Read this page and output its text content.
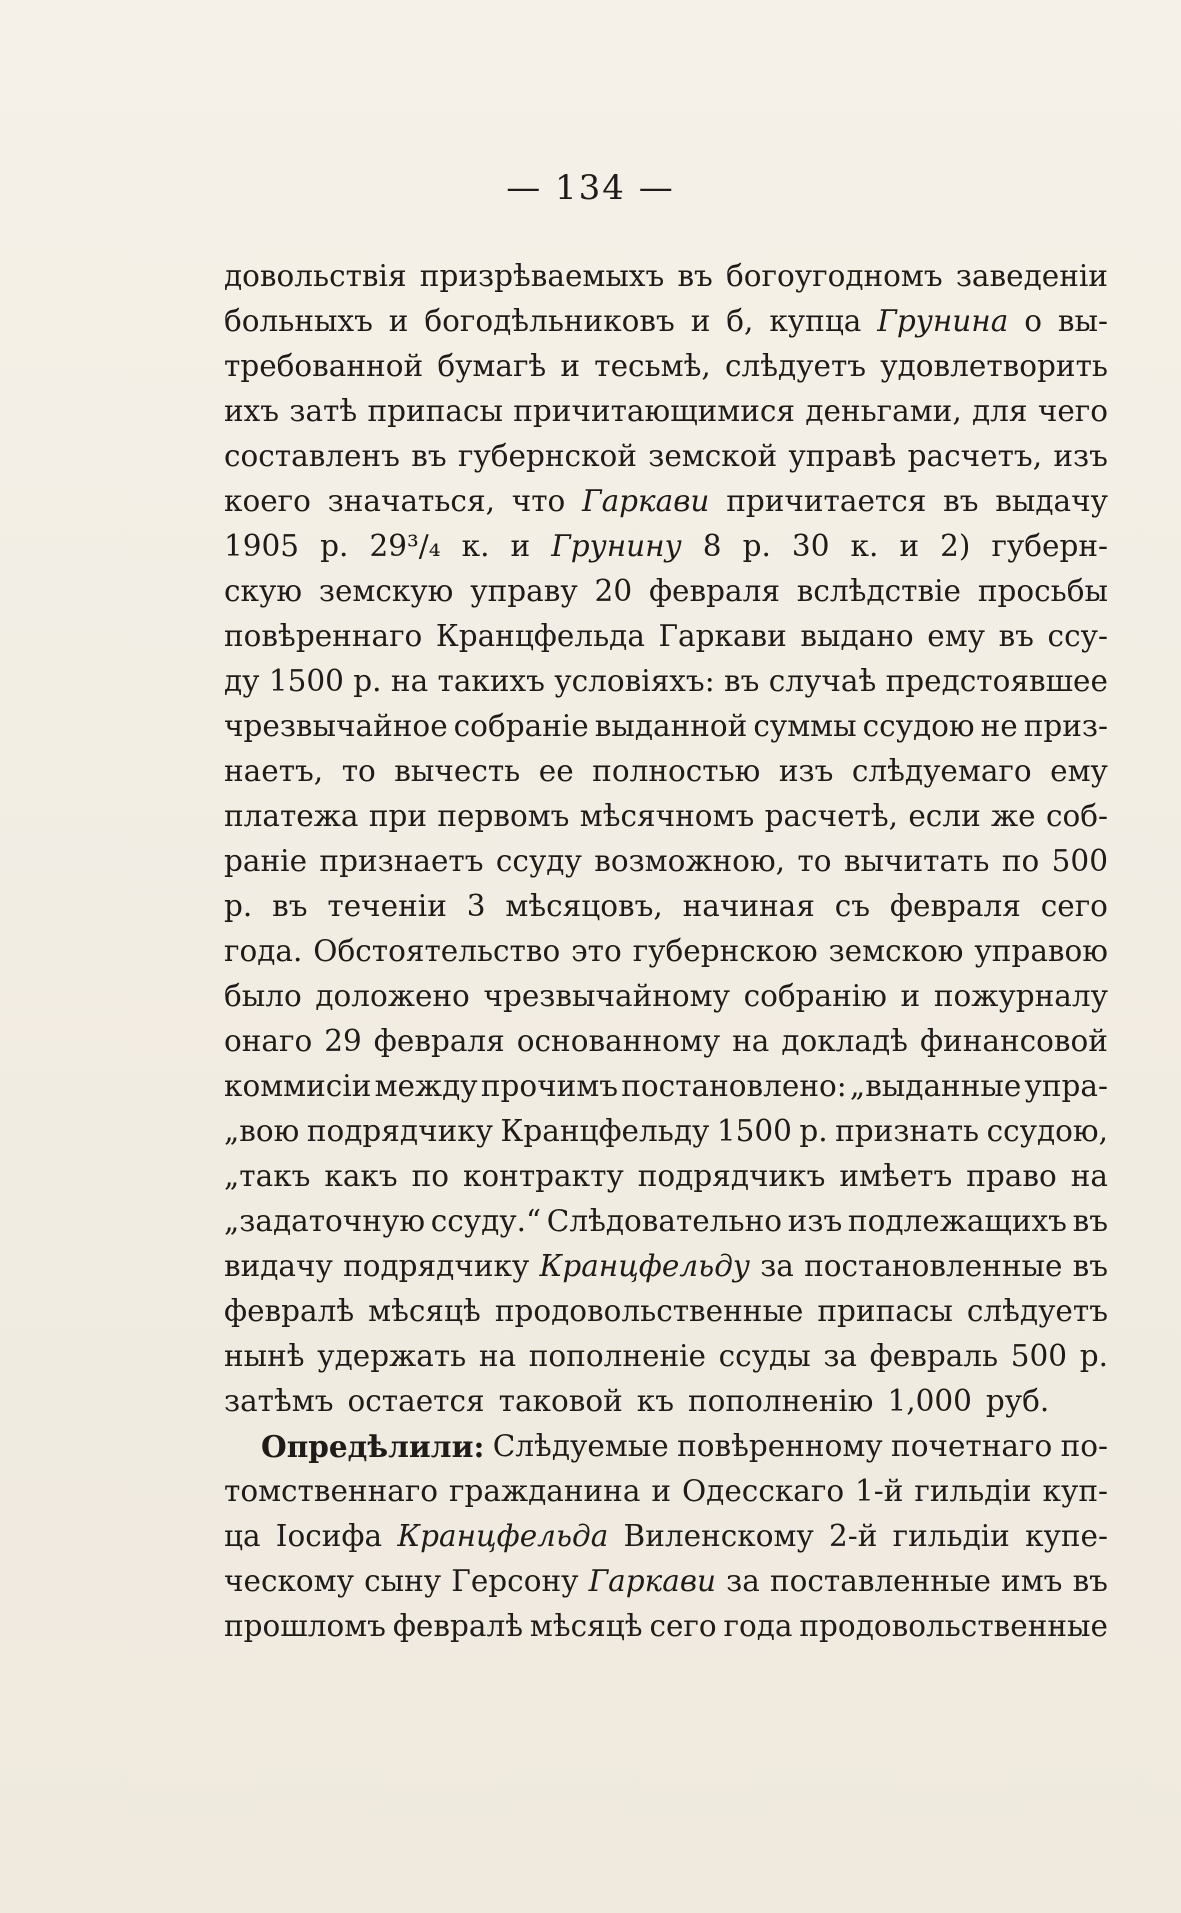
— 134 —
довольствія призрѣваемыхъ въ богоугодномъ заведеніи
больныхъ и богодѣльниковъ и б, купца Грунина о вы-
требованной бумагѣ и тесьмѣ, слѣдуетъ удовлетворить
ихъ затѣ припасы причитающимися деньгами, для чего
составленъ въ губернской земской управѣ расчетъ, изъ
коего значаться, что Гаркави причитается въ выдачу
1905 р. 29³/₄ к. и Грунину 8 р. 30 к. и 2) губерн-
скую земскую управу 20 февраля вслѣдствіе просьбы
повѣреннаго Кранцфельда Гаркави выдано ему въ ссу-
ду 1500 р. на такихъ условіяхъ: въ случаѣ предстоявшее
чрезвычайное собраніе выданной суммы ссудою не приз-
наетъ, то вычесть ее полностью изъ слѣдуемаго ему
платежа при первомъ мѣсячномъ расчетѣ, если же соб-
раніе признаетъ ссуду возможною, то вычитать по 500
р. въ теченіи 3 мѣсяцовъ, начиная съ февраля сего
года. Обстоятельство это губернскою земскою управою
было доложено чрезвычайному собранію и пожурналу
онаго 29 февраля основанному на докладѣ финансовой
коммисіи между прочимъ постановлено: „выданные упра-
„вою подрядчику Кранцфельду 1500 р. признать ссудою,
„такъ какъ по контракту подрядчикъ имѣетъ право на
„задаточную ссуду.“ Слѣдовательно изъ подлежащихъ въ
видачу подрядчику Кранцфельду за постановленные въ
февралѣ мѣсяцѣ продовольственные припасы слѣдуетъ
нынѣ удержать на пополненіе ссуды за февраль 500 р.
затѣмъ остается таковой къ пополненію 1,000 руб.
Опредѣлили: Слѣдуемые повѣренному почетнаго по-
томственнаго гражданина и Одесскаго 1-й гильдіи куп-
ца Іосифа Кранцфельда Виленскому 2-й гильдіи купе-
ческому сыну Герсону Гаркави за поставленные имъ въ
прошломъ февралѣ мѣсяцѣ сего года продовольственные
